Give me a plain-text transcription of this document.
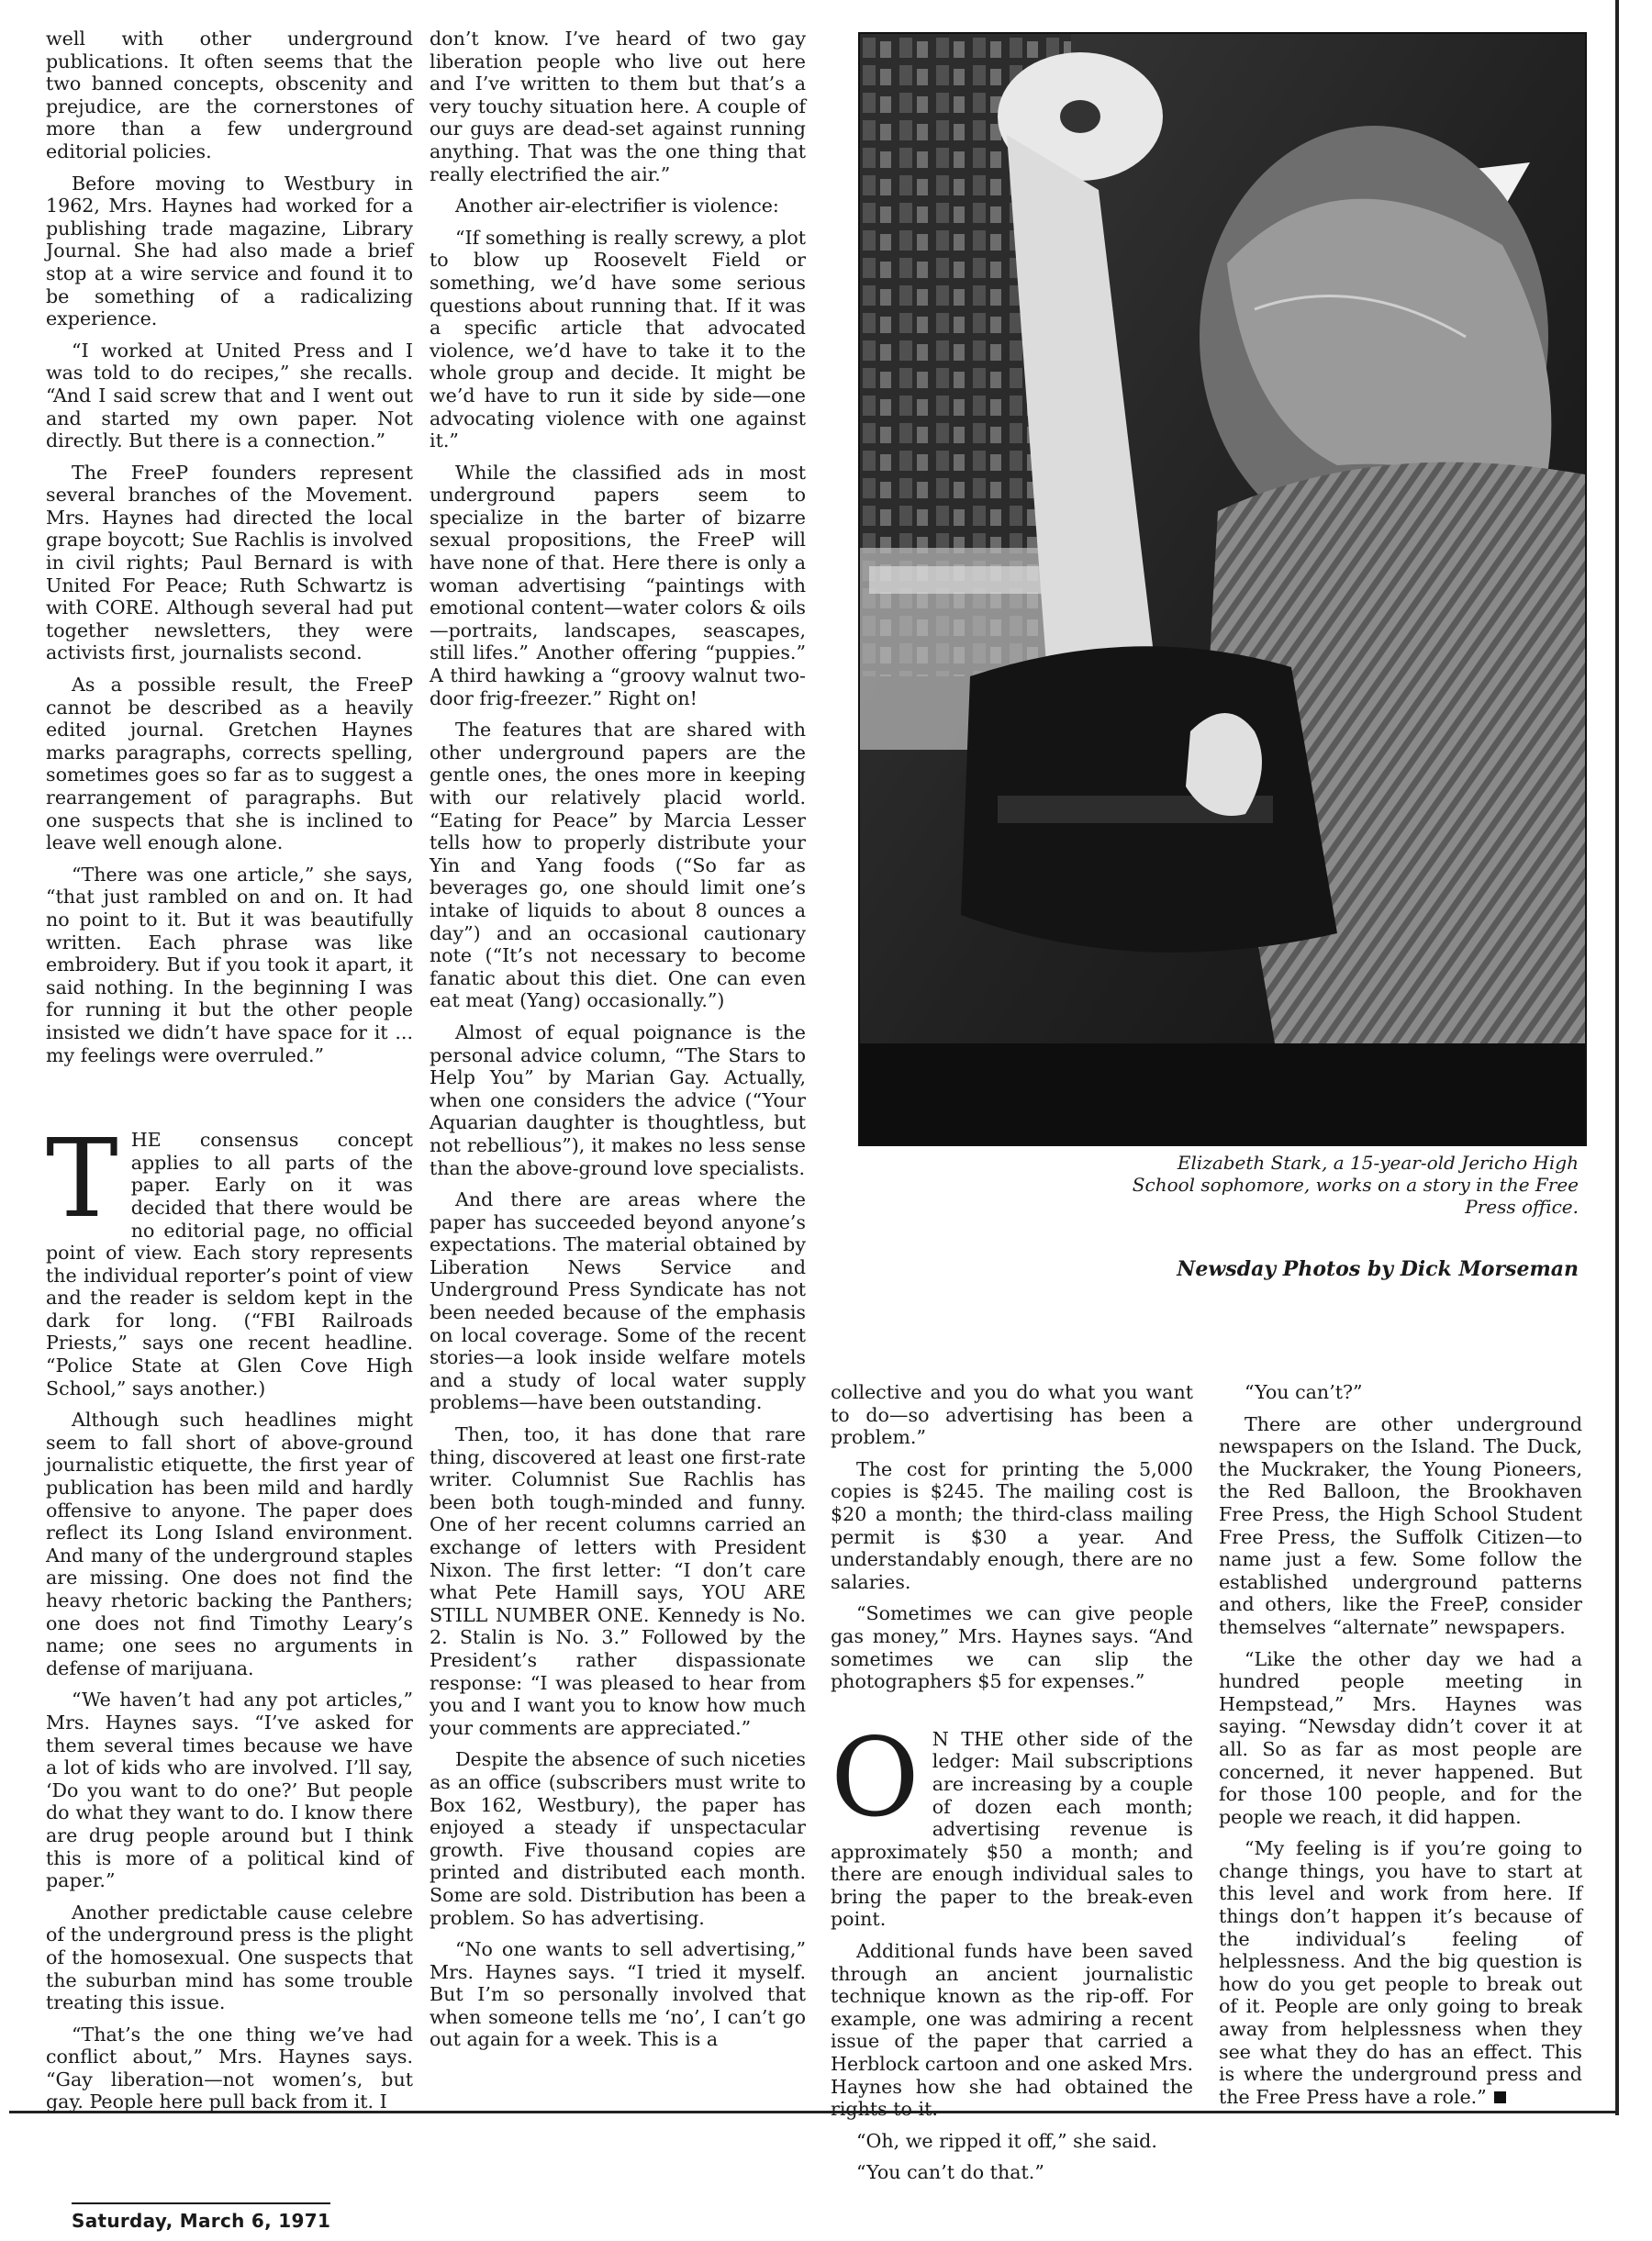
well with other underground publications. It often seems that the two banned concepts, obscenity and prejudice, are the cornerstones of more than a few underground editorial policies.

Before moving to Westbury in 1962, Mrs. Haynes had worked for a publishing trade magazine, Library Journal. She had also made a brief stop at a wire service and found it to be something of a radicalizing experience.

“I worked at United Press and I was told to do recipes,” she recalls. “And I said screw that and I went out and started my own paper. Not directly. But there is a connection.”

The FreeP founders represent several branches of the Movement. Mrs. Haynes had directed the local grape boycott; Sue Rachlis is involved in civil rights; Paul Bernard is with United For Peace; Ruth Schwartz is with CORE. Although several had put together newsletters, they were activists first, journalists second.

As a possible result, the FreeP cannot be described as a heavily edited journal. Gretchen Haynes marks paragraphs, corrects spelling, sometimes goes so far as to suggest a rearrangement of paragraphs. But one suspects that she is inclined to leave well enough alone.

“There was one article,” she says, “that just rambled on and on. It had no point to it. But it was beautifully written. Each phrase was like embroidery. But if you took it apart, it said nothing. In the beginning I was for running it but the other people insisted we didn’t have space for it ... my feelings were overruled.”

THE consensus concept applies to all parts of the paper. Early on it was decided that there would be no editorial page, no official point of view. Each story represents the individual reporter’s point of view and the reader is seldom kept in the dark for long. (“FBI Railroads Priests,” says one recent headline. “Police State at Glen Cove High School,” says another.)

Although such headlines might seem to fall short of above-ground journalistic etiquette, the first year of publication has been mild and hardly offensive to anyone. The paper does reflect its Long Island environment. And many of the underground staples are missing. One does not find the heavy rhetoric backing the Panthers; one does not find Timothy Leary’s name; one sees no arguments in defense of marijuana.

“We haven’t had any pot articles,” Mrs. Haynes says. “I’ve asked for them several times because we have a lot of kids who are involved. I’ll say, ‘Do you want to do one?’ But people do what they want to do. I know there are drug people around but I think this is more of a political kind of paper.”

Another predictable cause celebre of the underground press is the plight of the homosexual. One suspects that the suburban mind has some trouble treating this issue.

“That’s the one thing we’ve had conflict about,” Mrs. Haynes says. “Gay liberation—not women’s, but gay. People here pull back from it. I

don’t know. I’ve heard of two gay liberation people who live out here and I’ve written to them but that’s a very touchy situation here. A couple of our guys are dead-set against running anything. That was the one thing that really electrified the air.”

Another air-electrifier is violence:

“If something is really screwy, a plot to blow up Roosevelt Field or something, we’d have some serious questions about running that. If it was a specific article that advocated violence, we’d have to take it to the whole group and decide. It might be we’d have to run it side by side—one advocating violence with one against it.”

While the classified ads in most underground papers seem to specialize in the barter of bizarre sexual propositions, the FreeP will have none of that. Here there is only a woman advertising “paintings with emotional content—water colors & oils—portraits, landscapes, seascapes, still lifes.” Another offering “puppies.” A third hawking a “groovy walnut two-door frig-freezer.” Right on!

The features that are shared with other underground papers are the gentle ones, the ones more in keeping with our relatively placid world. “Eating for Peace” by Marcia Lesser tells how to properly distribute your Yin and Yang foods (“So far as beverages go, one should limit one’s intake of liquids to about 8 ounces a day”) and an occasional cautionary note (“It’s not necessary to become fanatic about this diet. One can even eat meat (Yang) occasionally.”)

Almost of equal poignance is the personal advice column, “The Stars to Help You” by Marian Gay. Actually, when one considers the advice (“Your Aquarian daughter is thoughtless, but not rebellious”), it makes no less sense than the above-ground love specialists.

And there are areas where the paper has succeeded beyond anyone’s expectations. The material obtained by Liberation News Service and Underground Press Syndicate has not been needed because of the emphasis on local coverage. Some of the recent stories—a look inside welfare motels and a study of local water supply problems—have been outstanding.

Then, too, it has done that rare thing, discovered at least one first-rate writer. Columnist Sue Rachlis has been both tough-minded and funny. One of her recent columns carried an exchange of letters with President Nixon. The first letter: “I don’t care what Pete Hamill says, YOU ARE STILL NUMBER ONE. Kennedy is No. 2. Stalin is No. 3.” Followed by the President’s rather dispassionate response: “I was pleased to hear from you and I want you to know how much your comments are appreciated.”

Despite the absence of such niceties as an office (subscribers must write to Box 162, Westbury), the paper has enjoyed a steady if unspectacular growth. Five thousand copies are printed and distributed each month. Some are sold. Distribution has been a problem. So has advertising.

“No one wants to sell advertising,” Mrs. Haynes says. “I tried it myself. But I’m so personally involved that when someone tells me ‘no’, I can’t go out again for a week. This is a

Elizabeth Stark, a 15-year-old Jericho High School sophomore, works on a story in the Free Press office.
Newsday Photos by Dick Morseman

collective and you do what you want to do—so advertising has been a problem.”

The cost for printing the 5,000 copies is $245. The mailing cost is $20 a month; the third-class mailing permit is $30 a year. And understandably enough, there are no salaries.

“Sometimes we can give people gas money,” Mrs. Haynes says. “And sometimes we can slip the photographers $5 for expenses.”

O N THE other side of the ledger: Mail subscriptions are increasing by a couple of dozen each month; advertising revenue is approximately $50 a month; and there are enough individual sales to bring the paper to the break-even point.

Additional funds have been saved through an ancient journalistic technique known as the rip-off. For example, one was admiring a recent issue of the paper that carried a Herblock cartoon and one asked Mrs. Haynes how she had obtained the rights to it.

“Oh, we ripped it off,” she said.

“You can’t do that.”

“You can’t?”

There are other underground newspapers on the Island. The Duck, the Muckraker, the Young Pioneers, the Red Balloon, the Brookhaven Free Press, the High School Student Free Press, the Suffolk Citizen—to name just a few. Some follow the established underground patterns and others, like the FreeP, consider themselves “alternate” newspapers.

“Like the other day we had a hundred people meeting in Hempstead,” Mrs. Haynes was saying. “Newsday didn’t cover it at all. So as far as most people are concerned, it never happened. But for those 100 people, and for the people we reach, it did happen.

“My feeling is if you’re going to change things, you have to start at this level and work from here. If things don’t happen it’s because of the individual’s feeling of helplessness. And the big question is how do you get people to break out of it. People are only going to break away from helplessness when they see what they do has an effect. This is where the underground press and the Free Press have a role.”

Saturday, March 6, 1971
